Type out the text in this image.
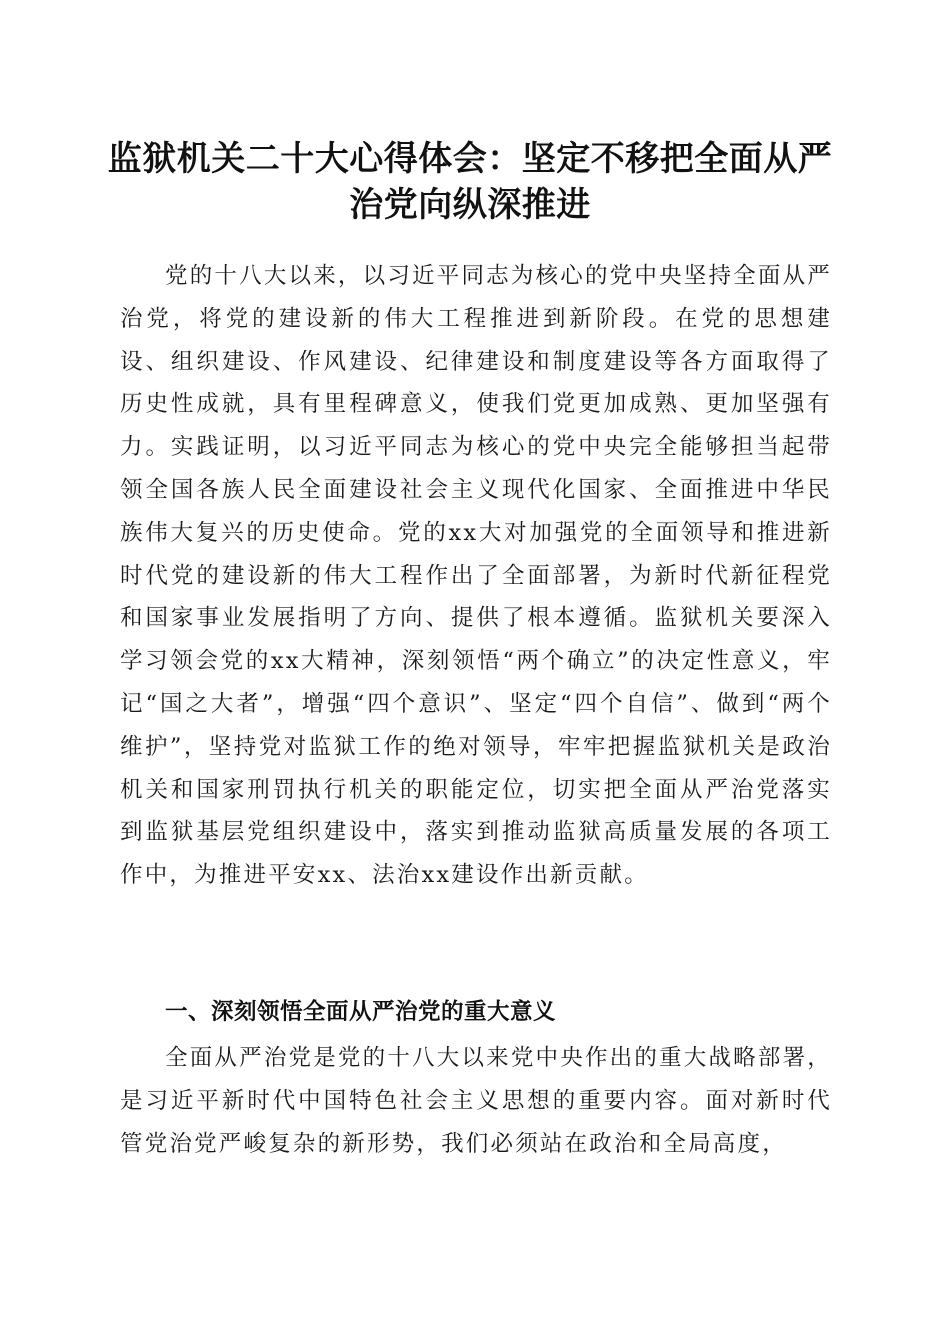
监狱机关二十大心得体会：坚定不移把全面从严治党向纵深推进

党的十八大以来，以习近平同志为核心的党中央坚持全面从严治党，将党的建设新的伟大工程推进到新阶段。在党的思想建设、组织建设、作风建设、纪律建设和制度建设等各方面取得了历史性成就，具有里程碑意义，使我们党更加成熟、更加坚强有力。实践证明，以习近平同志为核心的党中央完全能够担当起带领全国各族人民全面建设社会主义现代化国家、全面推进中华民族伟大复兴的历史使命。党的xx大对加强党的全面领导和推进新时代党的建设新的伟大工程作出了全面部署，为新时代新征程党和国家事业发展指明了方向、提供了根本遵循。监狱机关要深入学习领会党的xx大精神，深刻领悟“两个确立”的决定性意义，牢记“国之大者”，增强“四个意识”、坚定“四个自信”、做到“两个维护”，坚持党对监狱工作的绝对领导，牢牢把握监狱机关是政治机关和国家刑罚执行机关的职能定位，切实把全面从严治党落实到监狱基层党组织建设中，落实到推动监狱高质量发展的各项工作中，为推进平安xx、法治xx建设作出新贡献。

一、深刻领悟全面从严治党的重大意义

全面从严治党是党的十八大以来党中央作出的重大战略部署，是习近平新时代中国特色社会主义思想的重要内容。面对新时代管党治党严峻复杂的新形势，我们必须站在政治和全局高度，
